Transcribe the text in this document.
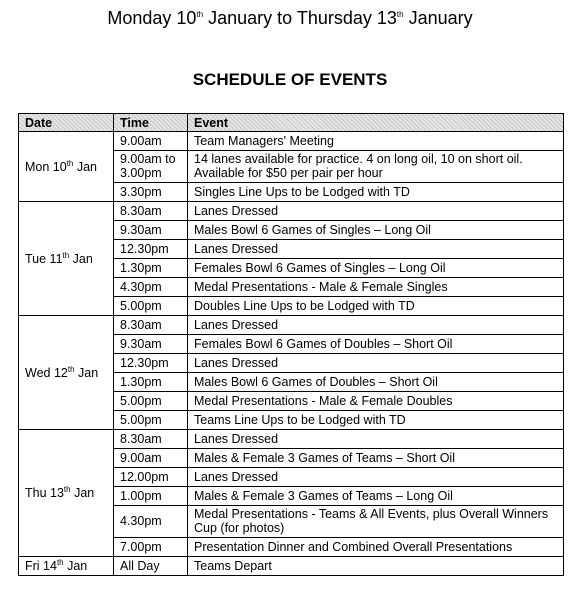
Monday 10th January to Thursday 13th January
SCHEDULE OF EVENTS
Date	Time	Event
Mon 10th Jan	9.00am	Team Managers' Meeting
	9.00am to 3.00pm	14 lanes available for practice. 4 on long oil, 10 on short oil. Available for $50 per pair per hour
	3.30pm	Singles Line Ups to be Lodged with TD
Tue 11th Jan	8.30am	Lanes Dressed
	9.30am	Males Bowl 6 Games of Singles – Long Oil
	12.30pm	Lanes Dressed
	1.30pm	Females Bowl 6 Games of Singles – Long Oil
	4.30pm	Medal Presentations - Male & Female Singles
	5.00pm	Doubles Line Ups to be Lodged with TD
Wed 12th Jan	8.30am	Lanes Dressed
	9.30am	Females Bowl 6 Games of Doubles – Short Oil
	12.30pm	Lanes Dressed
	1.30pm	Males Bowl 6 Games of Doubles – Short Oil
	5.00pm	Medal Presentations - Male & Female Doubles
	5.00pm	Teams Line Ups to be Lodged with TD
Thu 13th Jan	8.30am	Lanes Dressed
	9.00am	Males & Female 3 Games of Teams – Short Oil
	12.00pm	Lanes Dressed
	1.00pm	Males & Female 3 Games of Teams – Long Oil
	4.30pm	Medal Presentations - Teams & All Events, plus Overall Winners Cup (for photos)
	7.00pm	Presentation Dinner and Combined Overall Presentations
Fri 14th Jan	All Day	Teams Depart
